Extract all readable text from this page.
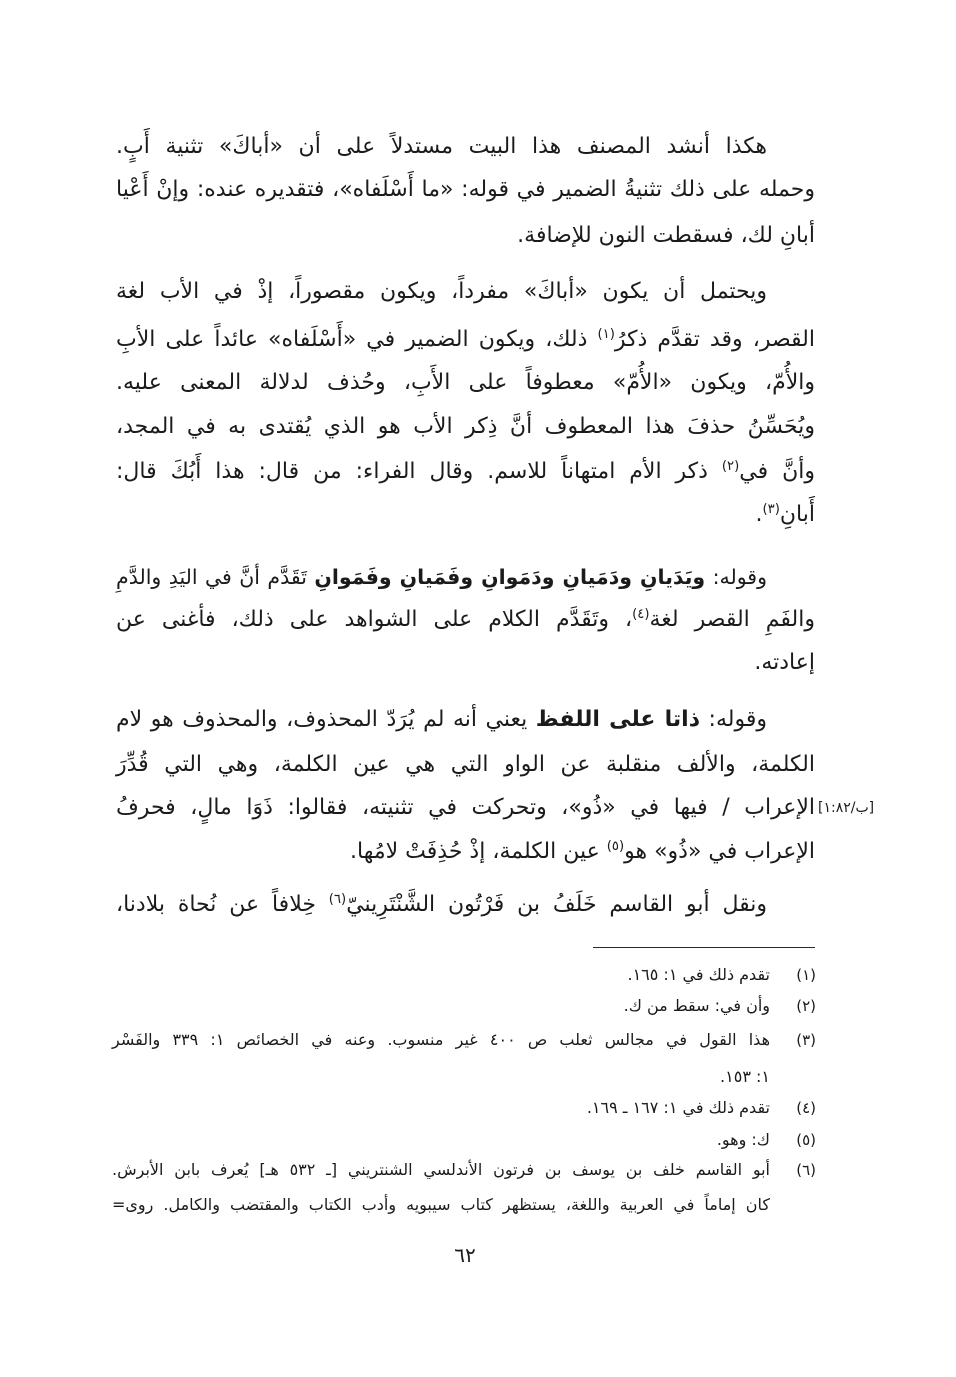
هكذا أنشد المصنف هذا البيت مستدلاً على أن «أباكَ» تثنية أَبٍ.
وحمله على ذلك تثنيةُ الضمير في قوله: «ما أَسْلَفاه»، فتقديره عنده: وإنْ أَعْيا
أبانِ لك، فسقطت النون للإضافة.
ويحتمل أن يكون «أباكَ» مفرداً، ويكون مقصوراً، إذْ في الأب لغة
القصر، وقد تقدَّم ذكرُ$^{(١)}$ ذلك، ويكون الضمير في «أَسْلَفاه» عائداً على الأبِ
والأُمّ، ويكون «الأُمّ» معطوفاً على الأَبِ، وحُذف لدلالة المعنى عليه.
ويُحَسِّنُ حذفَ هذا المعطوف أنَّ ذِكر الأب هو الذي يُقتدى به في المجد،
وأنَّ في$^{(٢)}$ ذكر الأم امتهاناً للاسم. وقال الفراء: من قال: هذا أَبُكَ قال:
أَبانِ$^{(٣)}$.
وقوله: ويَدَيانِ ودَمَيانِ ودَمَوانِ وفَمَيانِ وفَمَوانِ تَقَدَّم أنَّ في اليَدِ والدَّمِ
والفَمِ القصر لغة$^{(٤)}$، وتَقَدَّم الكلام على الشواهد على ذلك، فأغنى عن
إعادته.
وقوله: ذاتا على اللفظ يعني أنه لم يُرَدّ المحذوف، والمحذوف هو لام
الكلمة، والألف منقلبة عن الواو التي هي عين الكلمة، وهي التي قُدِّرَ
الإعراب / فيها في «ذُو»، وتحركت في تثنيته، فقالوا: ذَوَا مالٍ، فحرفُ [١:٨٢/ب]
الإعراب في «ذُو» هو$^{(٥)}$ عين الكلمة، إذْ حُذِفَتْ لامُها.
ونقل أبو القاسم خَلَفُ بن فَرْتُون الشَّنْتَرِينيّ$^{(٦)}$ خِلافاً عن نُحاة بلادنا،
(١)
تقدم ذلك في ١: ١٦٥.
(٢)
وأن في: سقط من ك.
(٣)
هذا القول في مجالس ثعلب ص ٤٠٠ غير منسوب. وعنه في الخصائص ١: ٣٣٩ والفَسْر
١: ١٥٣.
(٤)
تقدم ذلك في ١: ١٦٧ ـ ١٦٩.
(٥)
ك: وهو.
(٦)
أبو القاسم خلف بن يوسف بن فرتون الأندلسي الشنتريني [ـ ٥٣٢ هـ] يُعرف بابن الأبرش.
كان إماماً في العربية واللغة، يستظهر كتاب سيبويه وأدب الكتاب والمقتضب والكامل. روى=
٦٢
